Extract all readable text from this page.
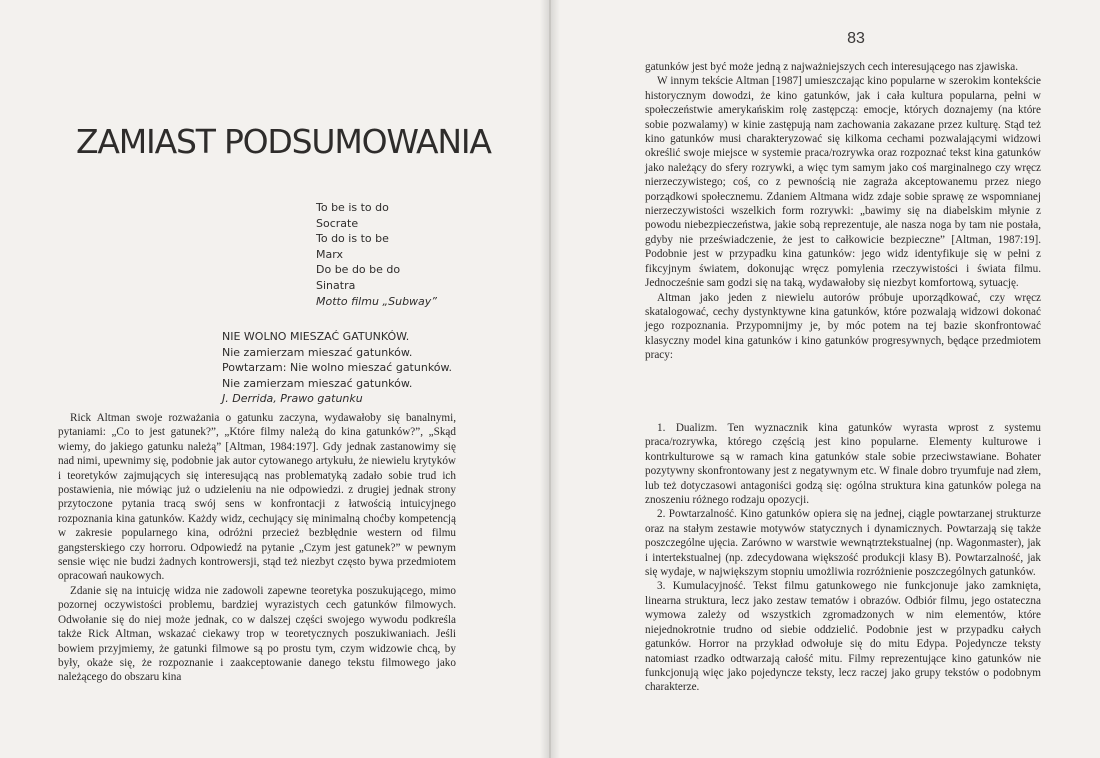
ZAMIAST PODSUMOWANIA
To be is to do
Socrate
To do is to be
Marx
Do be do be do
Sinatra
Motto filmu „Subway”
NIE WOLNO MIESZAĆ GATUNKÓW.
Nie zamierzam mieszać gatunków.
Powtarzam: Nie wolno mieszać gatunków.
Nie zamierzam mieszać gatunków.
J. Derrida, Prawo gatunku

Rick Altman swoje rozważania o gatunku zaczyna, wydawałoby się banalnymi, pytaniami: „Co to jest gatunek?”, „Które filmy należą do kina gatunków?”, „Skąd wiemy, do jakiego gatunku należą” [Altman, 1984:197]. Gdy jednak zastanowimy się nad nimi, upewnimy się, podobnie jak autor cytowanego artykułu, że niewielu krytyków i teoretyków zajmujących się interesującą nas problematyką zadało sobie trud ich postawienia, nie mówiąc już o udzieleniu na nie odpowiedzi. z drugiej jednak strony przytoczone pytania tracą swój sens w konfrontacji z łatwością intuicyjnego rozpoznania kina gatunków. Każdy widz, cechujący się minimalną choćby kompetencją w zakresie popularnego kina, odróżni przecież bezbłędnie western od filmu gangsterskiego czy horroru. Odpowiedź na pytanie „Czym jest gatunek?” w pewnym sensie więc nie budzi żadnych kontrowersji, stąd też niezbyt często bywa przedmiotem opracowań naukowych.

Zdanie się na intuicję widza nie zadowoli zapewne teoretyka poszukującego, mimo pozornej oczywistości problemu, bardziej wyrazistych cech gatunków filmowych. Odwołanie się do niej może jednak, co w dalszej części swojego wywodu podkreśla także Rick Altman, wskazać ciekawy trop w teoretycznych poszukiwaniach. Jeśli bowiem przyjmiemy, że gatunki filmowe są po prostu tym, czym widzowie chcą, by były, okaże się, że rozpoznanie i zaakceptowanie danego tekstu filmowego jako należącego do obszaru kina

83

gatunków jest być może jedną z najważniejszych cech interesującego nas zjawiska.

W innym tekście Altman [1987] umieszczając kino popularne w szerokim kontekście historycznym dowodzi, że kino gatunków, jak i cała kultura popularna, pełni w społeczeństwie amerykańskim rolę zastępczą: emocje, których doznajemy (na które sobie pozwalamy) w kinie zastępują nam zachowania zakazane przez kulturę. Stąd też kino gatunków musi charakteryzować się kilkoma cechami pozwalającymi widzowi określić swoje miejsce w systemie praca/rozrywka oraz rozpoznać tekst kina gatunków jako należący do sfery rozrywki, a więc tym samym jako coś marginalnego czy wręcz nierzeczywistego; coś, co z pewnością nie zagraża akceptowanemu przez niego porządkowi społecznemu. Zdaniem Altmana widz zdaje sobie sprawę ze wspomnianej nierzeczywistości wszelkich form rozrywki: „bawimy się na diabelskim młynie z powodu niebezpieczeństwa, jakie sobą reprezentuje, ale nasza noga by tam nie postała, gdyby nie przeświadczenie, że jest to całkowicie bezpieczne” [Altman, 1987:19]. Podobnie jest w przypadku kina gatunków: jego widz identyfikuje się w pełni z fikcyjnym światem, dokonując wręcz pomylenia rzeczywistości i świata filmu. Jednocześnie sam godzi się na taką, wydawałoby się niezbyt komfortową, sytuację.

Altman jako jeden z niewielu autorów próbuje uporządkować, czy wręcz skatalogować, cechy dystynktywne kina gatunków, które pozwalają widzowi dokonać jego rozpoznania. Przypomnijmy je, by móc potem na tej bazie skonfrontować klasyczny model kina gatunków i kino gatunków progresywnych, będące przedmiotem pracy:

1. Dualizm. Ten wyznacznik kina gatunków wyrasta wprost z systemu praca/rozrywka, którego częścią jest kino popularne. Elementy kulturowe i kontrkulturowe są w ramach kina gatunków stale sobie przeciwstawiane. Bohater pozytywny skonfrontowany jest z negatywnym etc. W finale dobro tryumfuje nad złem, lub też dotyczasowi antagoniści godzą się: ogólna struktura kina gatunków polega na znoszeniu różnego rodzaju opozycji.

2. Powtarzalność. Kino gatunków opiera się na jednej, ciągle powtarzanej strukturze oraz na stałym zestawie motywów statycznych i dynamicznych. Powtarzają się także poszczególne ujęcia. Zarówno w warstwie wewnątrztekstualnej (np. Wagonmaster), jak i intertekstualnej (np. zdecydowana większość produkcji klasy B). Powtarzalność, jak się wydaje, w największym stopniu umożliwia rozróżnienie poszczególnych gatunków.

3. Kumulacyjność. Tekst filmu gatunkowego nie funkcjonuje jako zamknięta, linearna struktura, lecz jako zestaw tematów i obrazów. Odbiór filmu, jego ostateczna wymowa zależy od wszystkich zgromadzonych w nim elementów, które niejednokrotnie trudno od siebie oddzielić. Podobnie jest w przypadku całych gatunków. Horror na przykład odwołuje się do mitu Edypa. Pojedyncze teksty natomiast rzadko odtwarzają całość mitu. Filmy reprezentujące kino gatunków nie funkcjonują więc jako pojedyncze teksty, lecz raczej jako grupy tekstów o podobnym charakterze.
